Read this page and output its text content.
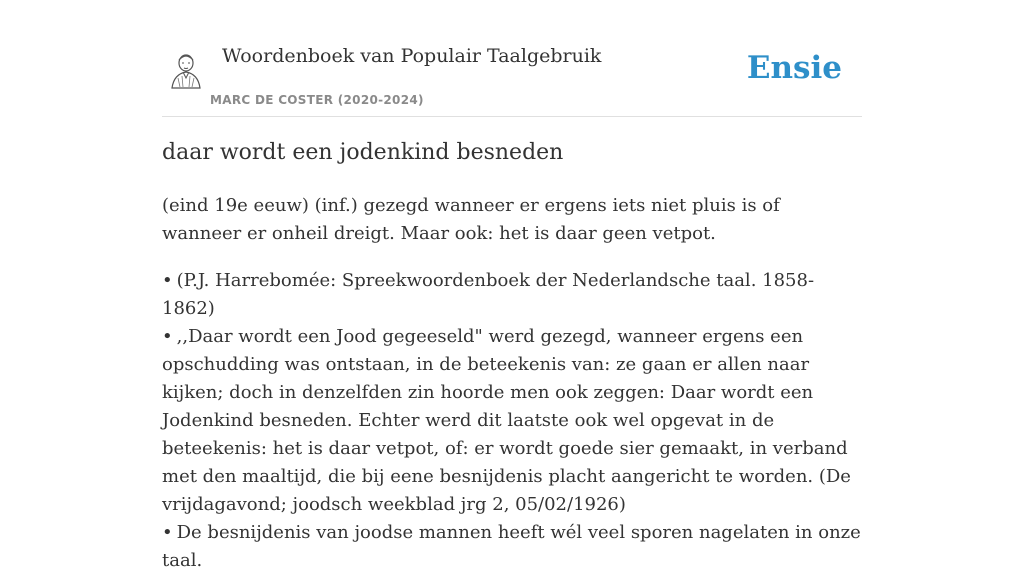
Woordenboek van Populair Taalgebruik
MARC DE COSTER (2020-2024)
Ensie
daar wordt een jodenkind besneden

(eind 19e eeuw) (inf.) gezegd wanneer er ergens iets niet pluis is of wanneer er onheil dreigt. Maar ook: het is daar geen vetpot.

• (P.J. Harrebomée: Spreekwoordenboek der Nederlandsche taal. 1858-1862)

• ,,Daar wordt een Jood gegeeseld" werd gezegd, wanneer ergens een opschudding was ontstaan, in de beteekenis van: ze gaan er allen naar kijken; doch in denzelfden zin hoorde men ook zeggen: Daar wordt een Jodenkind besneden. Echter werd dit laatste ook wel opgevat in de beteekenis: het is daar vetpot, of: er wordt goede sier gemaakt, in verband met den maaltijd, die bij eene besnijdenis placht aangericht te worden. (De vrijdagavond; joodsch weekblad jrg 2, 05/02/1926)

• De besnijdenis van joodse mannen heeft wél veel sporen nagelaten in onze taal.
